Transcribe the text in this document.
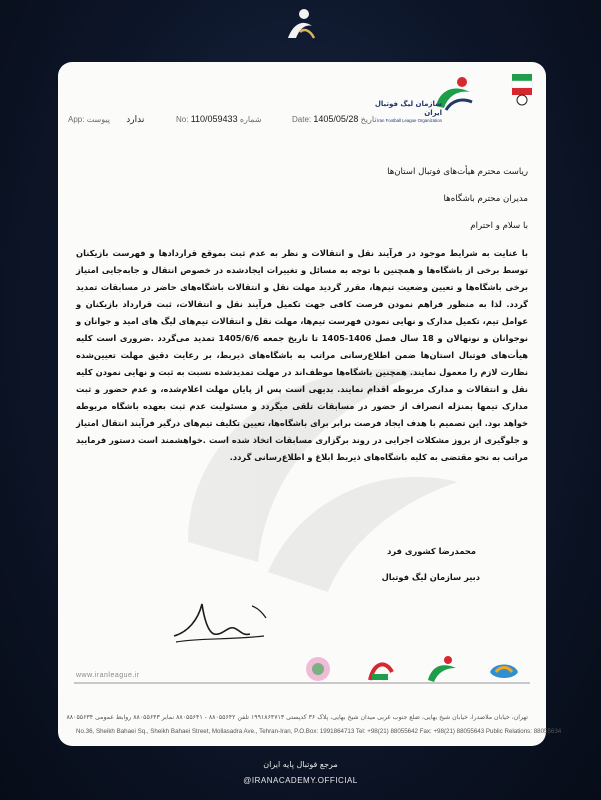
سازمان لیگ فوتبال ایران
Iran Football League Organization
App:	ندارد پیوست	No: 110/059433 شماره	Date: 1405/05/28 تاریخ
ریاست محترم هیأت‌های فوتبال استان‌ها
مدیران محترم باشگاه‌ها
با سلام و احترام

با عنایت به شرایط موجود در فرآیند نقل و انتقالات و نظر به عدم ثبت بموقع قراردادها و فهرست بازیکنان توسط برخی از باشگاه‌ها و همچنین با توجه به مسائل و تغییرات ایجادشده در خصوص انتقال و جابه‌جایی امتیاز برخی باشگاه‌ها و تعیین وضعیت تیم‌ها، مقرر گردید مهلت نقل و انتقالات باشگاه‌های حاضر در مسابقات تمدید گردد. لذا به منظور فراهم نمودن فرصت کافی جهت تکمیل فرآیند نقل و انتقالات، ثبت قرارداد بازیکنان و عوامل تیم، تکمیل مدارک و نهایی نمودن فهرست تیم‌ها، مهلت نقل و انتقالات تیم‌های لیگ های امید و جوانان و نوجوانان و نونهالان و 18 سال فصل 1406-1405 تا تاریخ جمعه 1405/6/6 تمدید می‌گردد .ضروری است کلیه هیأت‌های فوتبال استان‌ها ضمن اطلاع‌رسانی مراتب به باشگاه‌های ذیربط، بر رعایت دقیق مهلت تعیین‌شده نظارت لازم را معمول نمایند. همچنین باشگاه‌ها موظف‌اند در مهلت تمدیدشده نسبت به ثبت و نهایی نمودن کلیه نقل و انتقالات و مدارک مربوطه اقدام نمایند. بدیهی است پس از پایان مهلت اعلام‌شده، و عدم حضور و ثبت مدارک تیمها بمنزله انصراف از حضور در مسابقات تلقی میگردد و مسئولیت عدم ثبت بعهده باشگاه مربوطه خواهد بود. این تصمیم با هدف ایجاد فرصت برابر برای باشگاه‌ها، تعیین تکلیف تیم‌های درگیر فرآیند انتقال امتیاز و جلوگیری از بروز مشکلات اجرایی در روند برگزاری مسابقات اتخاذ شده است .خواهشمند است دستور فرمایید مراتب به نحو مقتضی به کلیه باشگاه‌های ذیربط ابلاغ و اطلاع‌رسانی گردد.

محمدرضا کشوری فرد
دبیر سازمان لیگ فوتبال
www.iranleague.ir
تهران، خیابان ملاصدرا، خیابان شیخ بهایی، ضلع جنوب غربی میدان شیخ بهایی، پلاک ۳۶ کدپستی ۱۹۹۱۸۶۴۷۱۳ تلفن ۸۸۰۵۵۶۴۲ - ۸۸۰۵۵۶۴۱ نمابر ۸۸۰۵۵۶۴۳ روابط عمومی ۸۸۰۵۵۶۳۴
No.36, Sheikh Bahaei Sq., Sheikh Bahaei Street, Mollasadra Ave., Tehran-Iran, P.O.Box: 1991864713 Tel: +98(21) 88055642 Fax: +98(21) 88055643 Public Relations: 88055634
مرجع فوتبال پایه ایران
@IRANACADEMY.OFFICIAL
